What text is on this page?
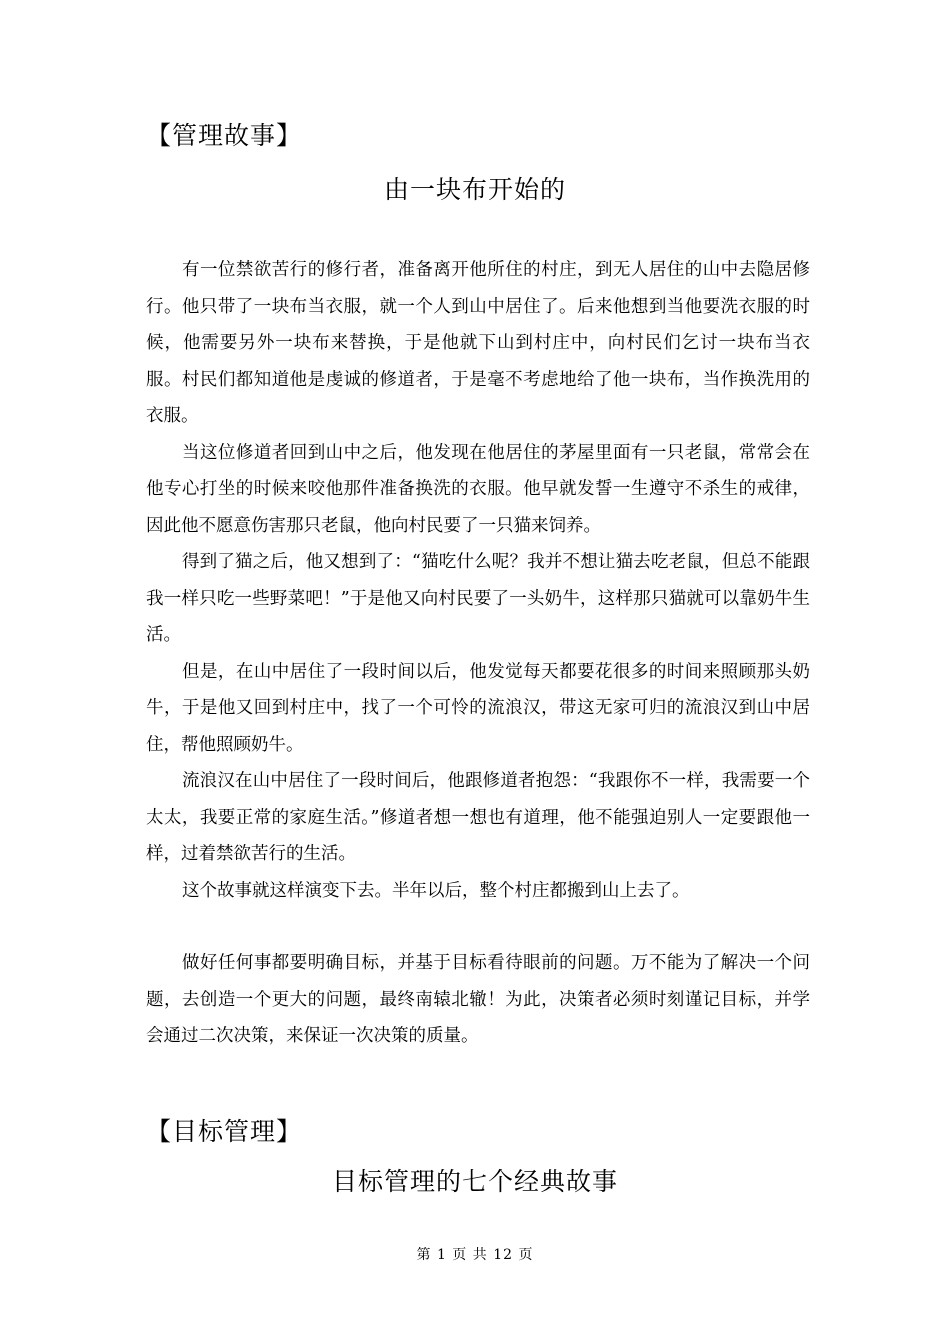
【管理故事】
由一块布开始的

有一位禁欲苦行的修行者，准备离开他所住的村庄，到无人居住的山中去隐居修行。他只带了一块布当衣服，就一个人到山中居住了。后来他想到当他要洗衣服的时候，他需要另外一块布来替换，于是他就下山到村庄中，向村民们乞讨一块布当衣服。村民们都知道他是虔诚的修道者，于是毫不考虑地给了他一块布，当作换洗用的衣服。

当这位修道者回到山中之后，他发现在他居住的茅屋里面有一只老鼠，常常会在他专心打坐的时候来咬他那件准备换洗的衣服。他早就发誓一生遵守不杀生的戒律，因此他不愿意伤害那只老鼠，他向村民要了一只猫来饲养。

得到了猫之后，他又想到了：“猫吃什么呢？我并不想让猫去吃老鼠，但总不能跟我一样只吃一些野菜吧！”于是他又向村民要了一头奶牛，这样那只猫就可以靠奶牛生活。

但是，在山中居住了一段时间以后，他发觉每天都要花很多的时间来照顾那头奶牛，于是他又回到村庄中，找了一个可怜的流浪汉，带这无家可归的流浪汉到山中居住，帮他照顾奶牛。

流浪汉在山中居住了一段时间后，他跟修道者抱怨：“我跟你不一样，我需要一个太太，我要正常的家庭生活。”修道者想一想也有道理，他不能强迫别人一定要跟他一样，过着禁欲苦行的生活。

这个故事就这样演变下去。半年以后，整个村庄都搬到山上去了。

做好任何事都要明确目标，并基于目标看待眼前的问题。万不能为了解决一个问题，去创造一个更大的问题，最终南辕北辙！为此，决策者必须时刻谨记目标，并学会通过二次决策，来保证一次决策的质量。

【目标管理】
目标管理的七个经典故事
第 1 页 共 12 页
